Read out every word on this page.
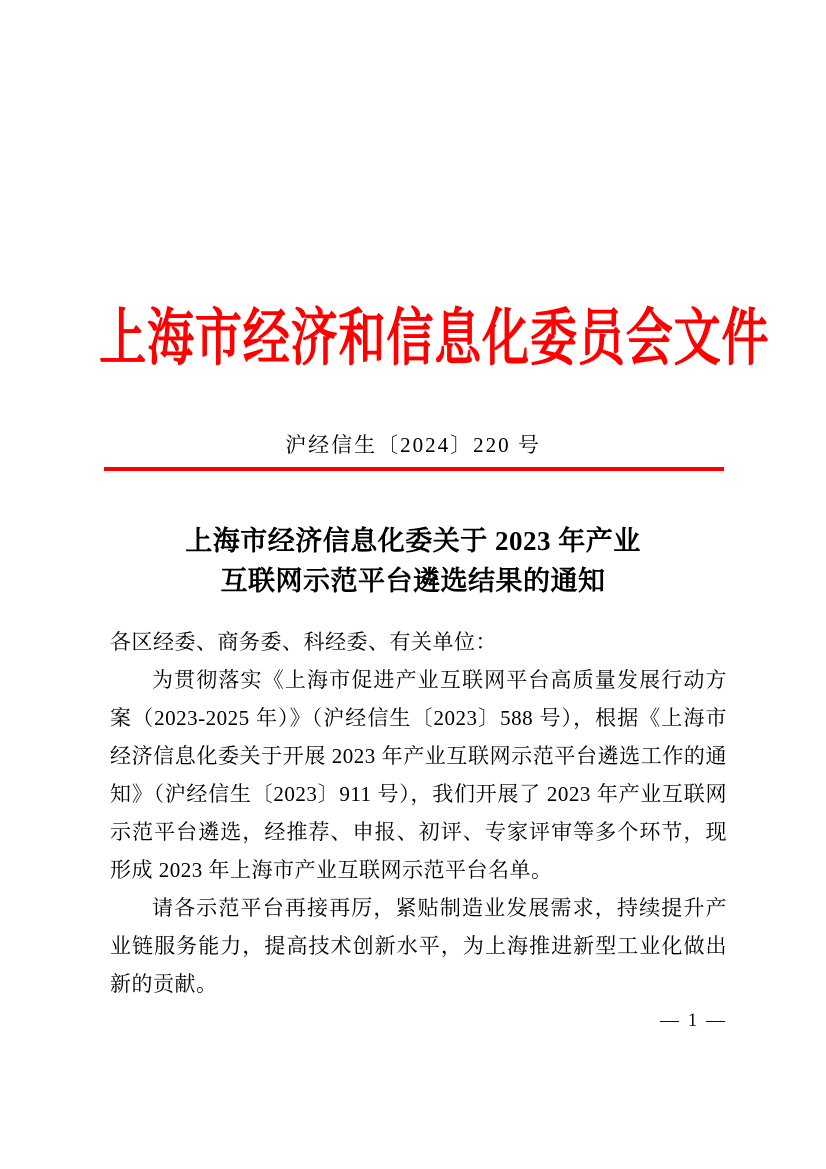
上海市经济和信息化委员会文件
沪经信生〔2024〕220 号
上海市经济信息化委关于 2023 年产业
互联网示范平台遴选结果的通知
各区经委、商务委、科经委、有关单位：

为贯彻落实《上海市促进产业互联网平台高质量发展行动方案（2023-2025 年）》（沪经信生〔2023〕588 号），根据《上海市经济信息化委关于开展 2023 年产业互联网示范平台遴选工作的通知》（沪经信生〔2023〕911 号），我们开展了 2023 年产业互联网示范平台遴选，经推荐、申报、初评、专家评审等多个环节，现形成 2023 年上海市产业互联网示范平台名单。

请各示范平台再接再厉，紧贴制造业发展需求，持续提升产业链服务能力，提高技术创新水平，为上海推进新型工业化做出新的贡献。

— 1 —
